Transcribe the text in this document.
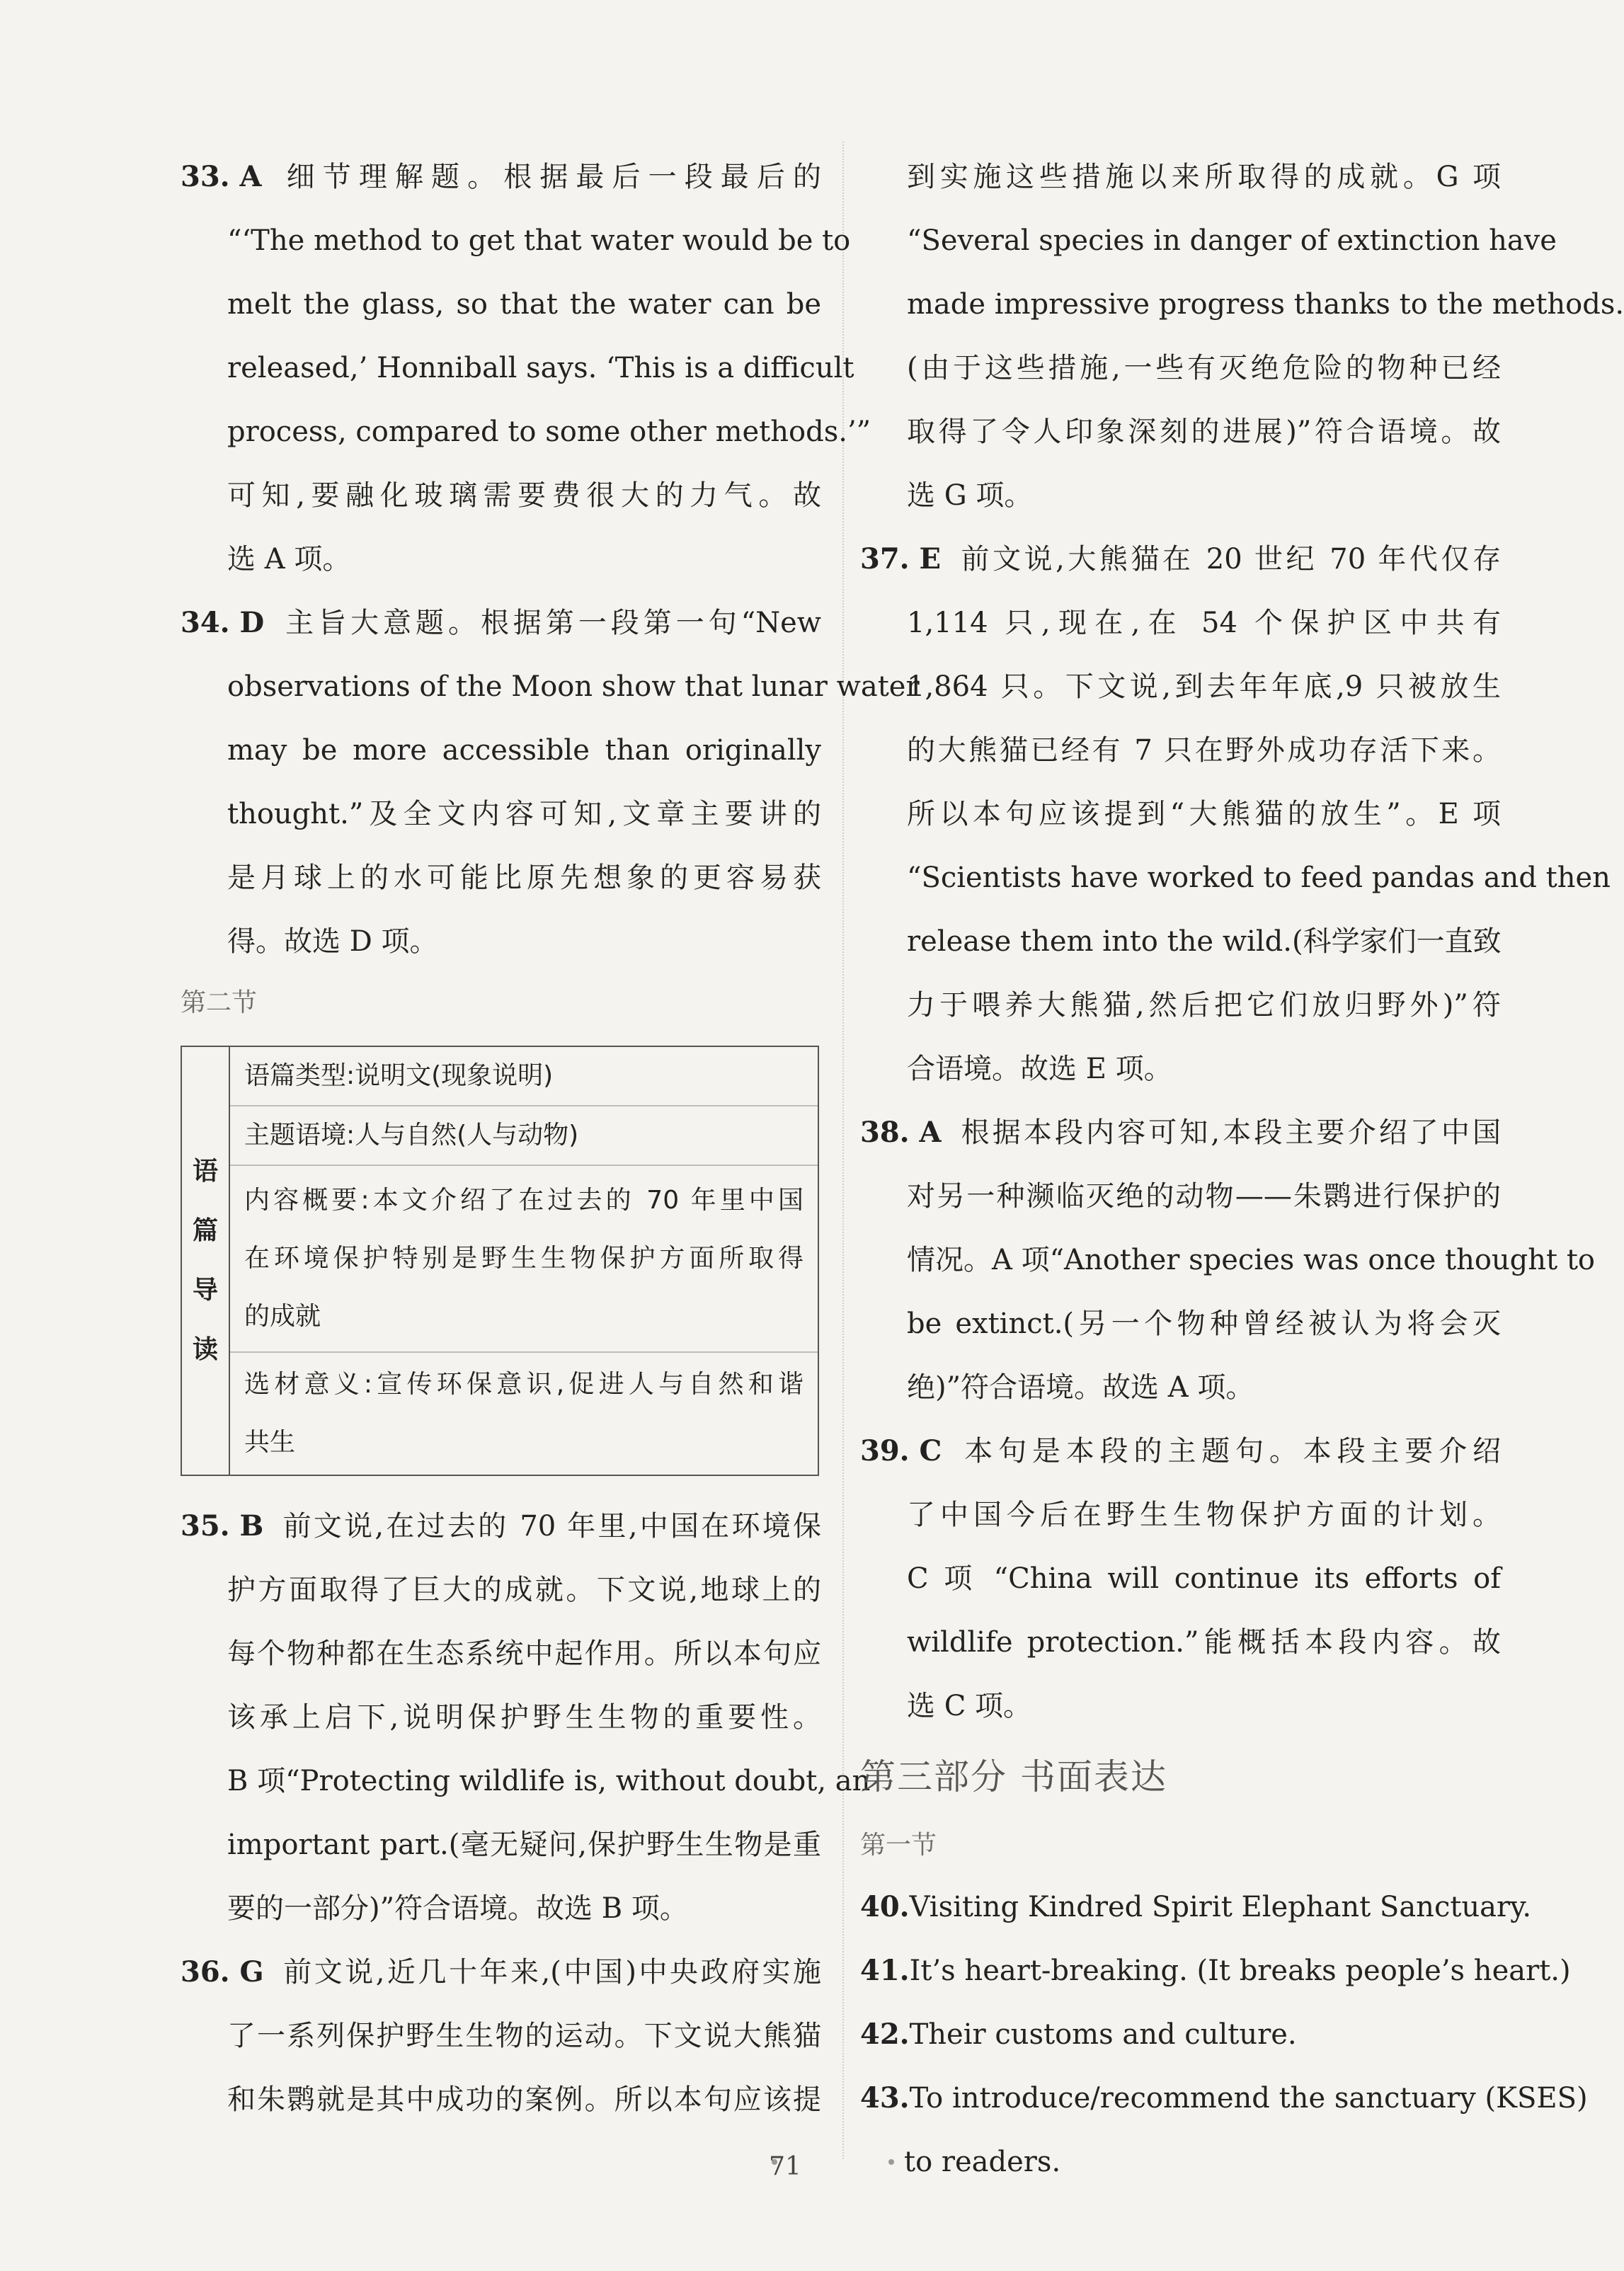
33. A 细节理解题。根据最后一段最后的
“‘The method to get that water would be to
melt the glass, so that the water can be
released,’ Honniball says. ‘This is a difficult
process, compared to some other methods.’”
可知,要融化玻璃需要费很大的力气。故
选 A 项。
34. D 主旨大意题。根据第一段第一句“New
observations of the Moon show that lunar water
may be more accessible than originally
thought.”及全文内容可知,文章主要讲的
是月球上的水可能比原先想象的更容易获
得。故选 D 项。
第二节
语
篇
导
读
语篇类型:说明文(现象说明)
主题语境:人与自然(人与动物)
内容概要:本文介绍了在过去的 70 年里中国
在环境保护特别是野生生物保护方面所取得
的成就
选材意义:宣传环保意识,促进人与自然和谐
共生
35. B 前文说,在过去的 70 年里,中国在环境保
护方面取得了巨大的成就。下文说,地球上的
每个物种都在生态系统中起作用。所以本句应
该承上启下,说明保护野生生物的重要性。
B 项“Protecting wildlife is, without doubt, an
important part.(毫无疑问,保护野生生物是重
要的一部分)”符合语境。故选 B 项。
36. G 前文说,近几十年来,(中国)中央政府实施
了一系列保护野生生物的运动。下文说大熊猫
和朱鹮就是其中成功的案例。所以本句应该提
到实施这些措施以来所取得的成就。G 项
“Several species in danger of extinction have
made impressive progress thanks to the methods.
(由于这些措施,一些有灭绝危险的物种已经
取得了令人印象深刻的进展)”符合语境。故
选 G 项。
37. E 前文说,大熊猫在 20 世纪 70 年代仅存
1,114 只,现在,在 54 个保护区中共有
1,864 只。下文说,到去年年底,9 只被放生
的大熊猫已经有 7 只在野外成功存活下来。
所以本句应该提到“大熊猫的放生”。E 项
“Scientists have worked to feed pandas and then
release them into the wild.(科学家们一直致
力于喂养大熊猫,然后把它们放归野外)”符
合语境。故选 E 项。
38. A 根据本段内容可知,本段主要介绍了中国
对另一种濒临灭绝的动物——朱鹮进行保护的
情况。A 项“Another species was once thought to
be extinct.(另一个物种曾经被认为将会灭
绝)”符合语境。故选 A 项。
39. C 本句是本段的主题句。本段主要介绍
了中国今后在野生生物保护方面的计划。
C 项 “China will continue its efforts of
wildlife protection.”能概括本段内容。故
选 C 项。
第三部分 书面表达
第一节
40.Visiting Kindred Spirit Elephant Sanctuary.
41.It’s heart-breaking. (It breaks people’s heart.)
42.Their customs and culture.
43.To introduce/recommend the sanctuary (KSES)
to readers.
71
